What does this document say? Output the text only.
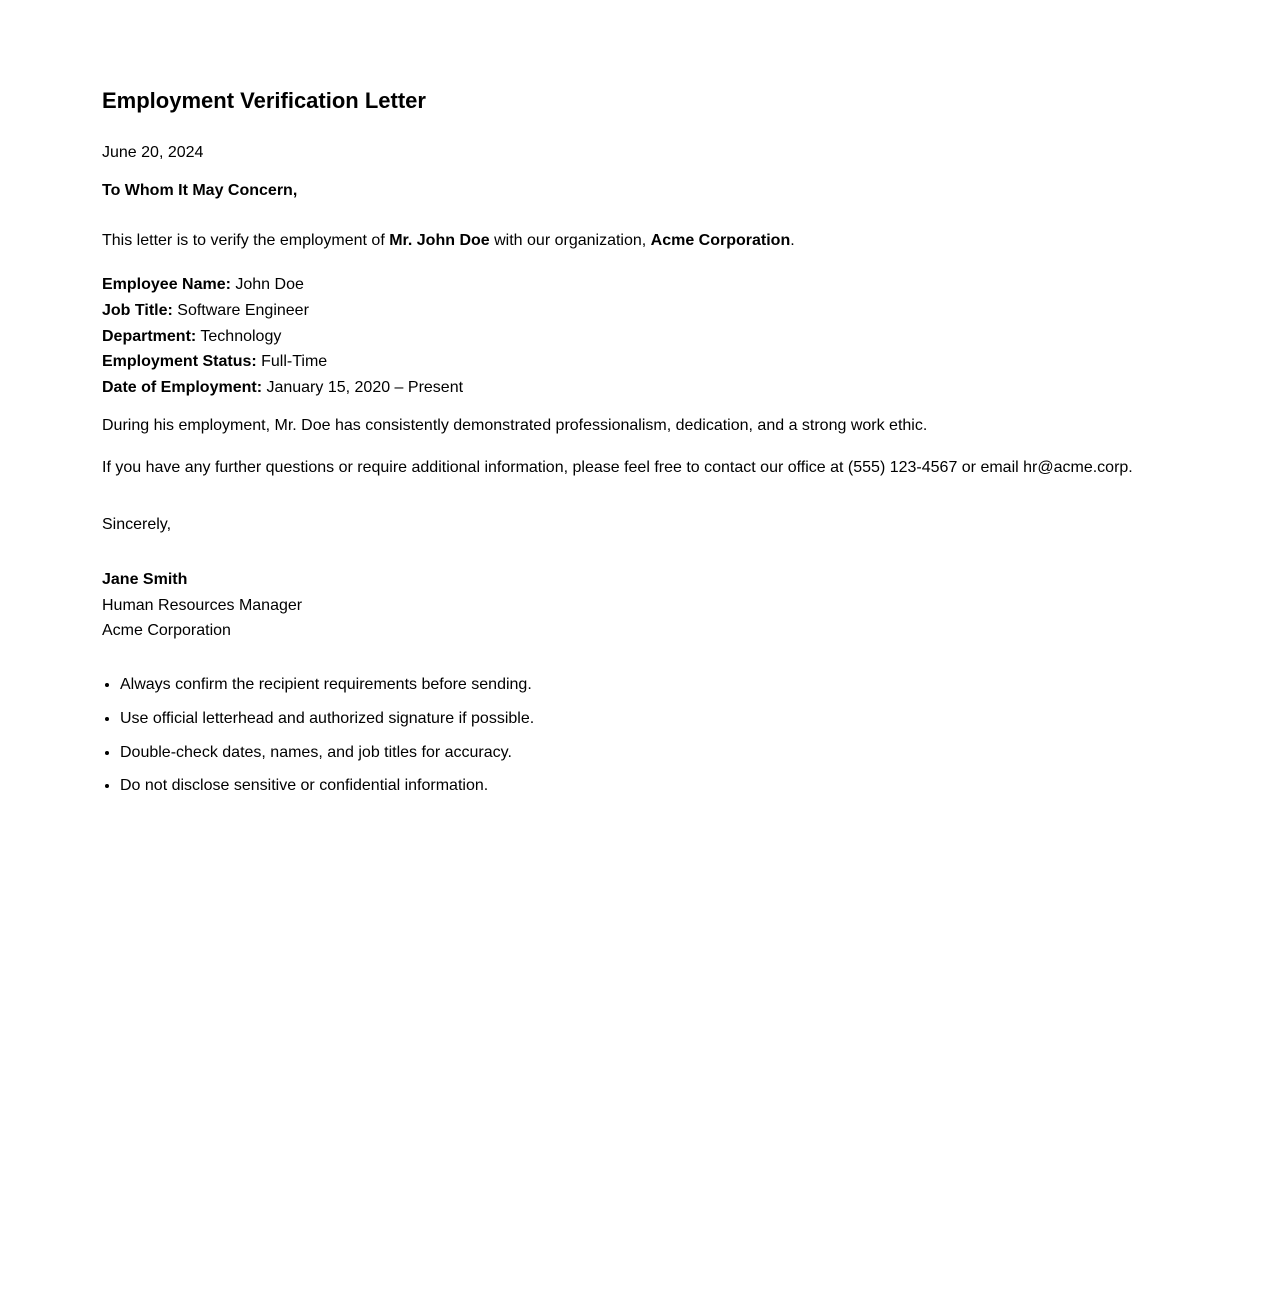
Employment Verification Letter
June 20, 2024
To Whom It May Concern,
This letter is to verify the employment of Mr. John Doe with our organization, Acme Corporation.
Employee Name: John Doe
Job Title: Software Engineer
Department: Technology
Employment Status: Full-Time
Date of Employment: January 15, 2020 – Present
During his employment, Mr. Doe has consistently demonstrated professionalism, dedication, and a strong work ethic.
If you have any further questions or require additional information, please feel free to contact our office at (555) 123-4567 or email hr@acme.corp.
Sincerely,
Jane Smith
Human Resources Manager
Acme Corporation
• Always confirm the recipient requirements before sending.
• Use official letterhead and authorized signature if possible.
• Double-check dates, names, and job titles for accuracy.
• Do not disclose sensitive or confidential information.
